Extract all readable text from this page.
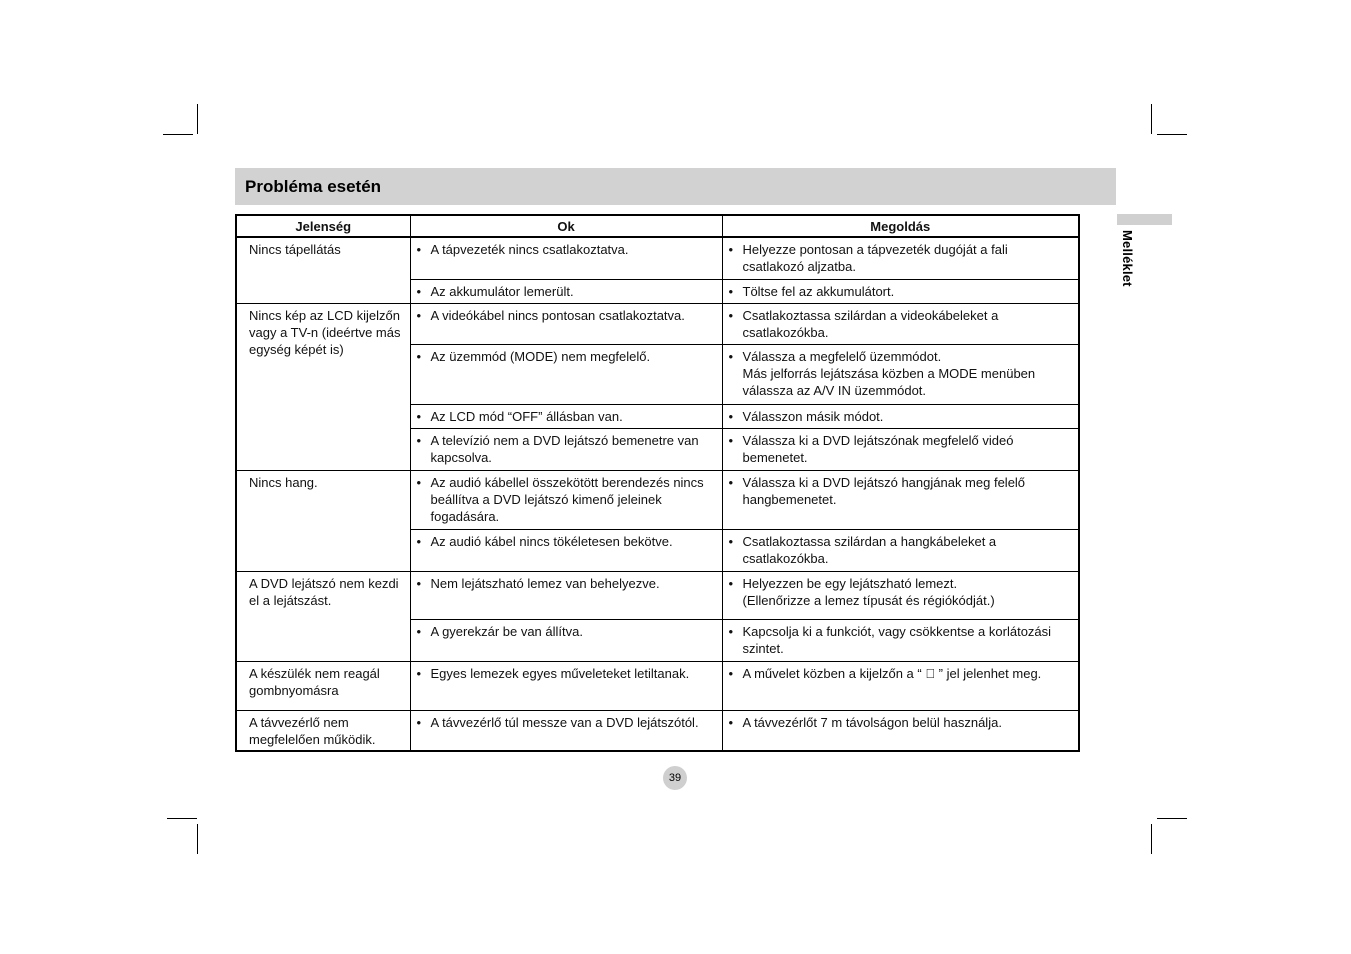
Probléma esetén
Melléklet
Jelenség	Ok	Megoldás
Nincs tápellátás	• A tápvezeték nincs csatlakoztatva.	• Helyezze pontosan a tápvezeték dugóját a fali csatlakozó aljzatba.

	• Az akkumulátor lemerült.	• Töltse fel az akkumulátort.

Nincs kép az LCD kijelzőn vagy a TV-n (ideértve más egység képét is)	• A videókábel nincs pontosan csatlakoztatva.	• Csatlakoztassa szilárdan a videokábeleket a csatlakozókba.

	• Az üzemmód (MODE) nem megfelelő.	• Válassza a megfelelő üzemmódot.
Más jelforrás lejátszása közben a MODE menüben válassza az A/V IN üzemmódot.

	• Az LCD mód “OFF” állásban van.	• Válasszon másik módot.

	• A televízió nem a DVD lejátszó bemenetre van kapcsolva.	• Válassza ki a DVD lejátszónak megfelelő videó bemenetet.

Nincs hang.	• Az audió kábellel összekötött berendezés nincs beállítva a DVD lejátszó kimenő jeleinek fogadására.	• Válassza ki a DVD lejátszó hangjának meg felelő hangbemenetet.

	• Az audió kábel nincs tökéletesen bekötve.	• Csatlakoztassa szilárdan a hangkábeleket a csatlakozókba.

A DVD lejátszó nem kezdi el a lejátszást.	• Nem lejátszható lemez van behelyezve.	• Helyezzen be egy lejátszható lemezt.
(Ellenőrizze a lemez típusát és régiókódját.)

	• A gyerekzár be van állítva.	• Kapcsolja ki a funkciót, vagy csökkentse a korlátozási szintet.

A készülék nem reagál gombnyomásra	• Egyes lemezek egyes műveleteket letiltanak.	• A művelet közben a kijelzőn a “ ⃠ ” jel jelenhet meg.

A távvezérlő nem megfelelően működik.	• A távvezérlő túl messze van a DVD lejátszótól.	• A távvezérlőt 7 m távolságon belül használja.
39
